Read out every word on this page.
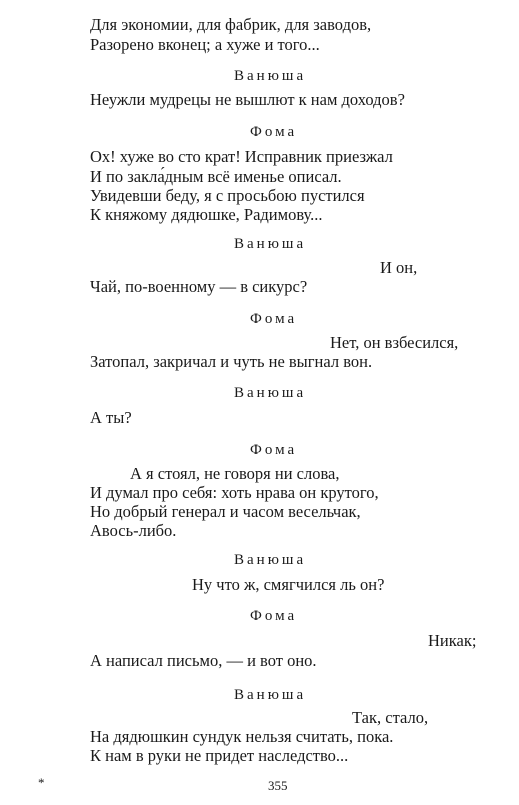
Для экономии, для фабрик, для заводов,
Разорено вконец; а хуже и того...
Ванюша
Неужли мудрецы не вышлют к нам доходов?
Фома
Ох! хуже во сто крат! Исправник приезжал
И по закла́дным всё именье описал.
Увидевши беду, я с просьбою пустился
К княжому дядюшке, Радимову...
Ванюша
И он,
Чай, по-военному — в сикурс?
Фома
Нет, он взбесился,
Затопал, закричал и чуть не выгнал вон.
Ванюша
А ты?
Фома
А я стоял, не говоря ни слова,
И думал про себя: хоть нрава он крутого,
Но добрый генерал и часом весельчак,
Авось-либо.
Ванюша
Ну что ж, смягчился ль он?
Фома
Никак;
А написал письмо, — и вот оно.
Ванюша
Так, стало,
На дядюшкин сундук нельзя считать, пока.
К нам в руки не придет наследство...
*	355
